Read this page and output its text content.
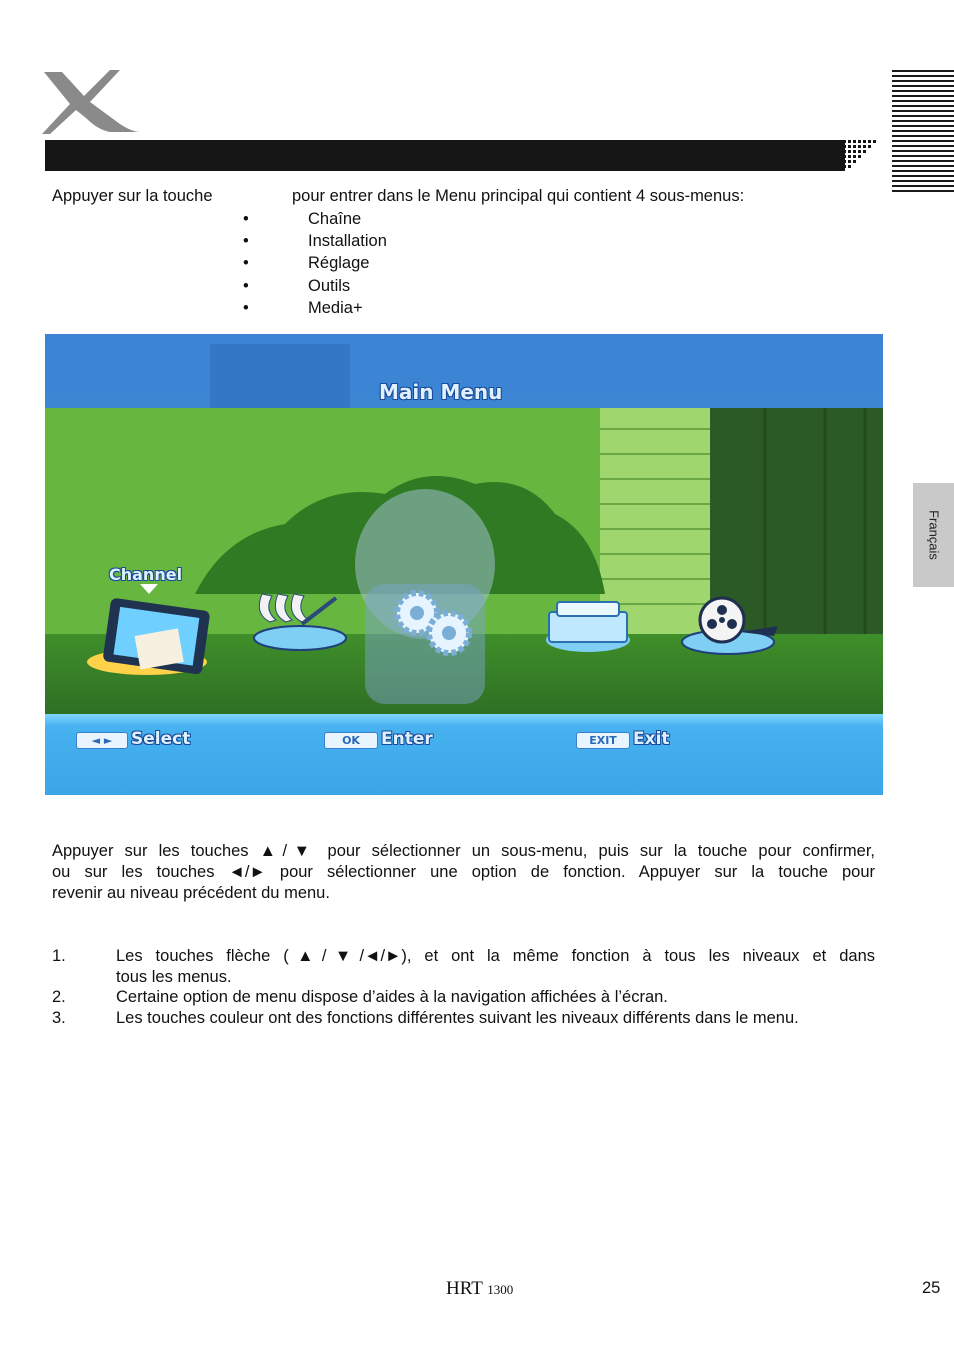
Français
Appuyer sur la touche	pour entrer dans le Menu principal qui contient 4 sous-menus:
•	Chaîne
•	Installation
•	Réglage
•	Outils
•	Media+
Main Menu
Channel
◄ ►	Select	OK	Enter	EXIT Exit
Appuyer sur les touches ▲/▼ pour sélectionner un sous-menu, puis sur la touche pour confirmer,
ou sur les touches ◄/► pour sélectionner une option de fonction. Appuyer sur la touche pour
revenir au niveau précédent du menu.
1.	Les touches flèche (▲/▼/◄/►), et ont la même fonction à tous les niveaux et dans
tous les menus.
2.	Certaine option de menu dispose d’aides à la navigation affichées à l’écran.
3.	Les touches couleur ont des fonctions différentes suivant les niveaux différents dans le menu.
HRT 1300	25
